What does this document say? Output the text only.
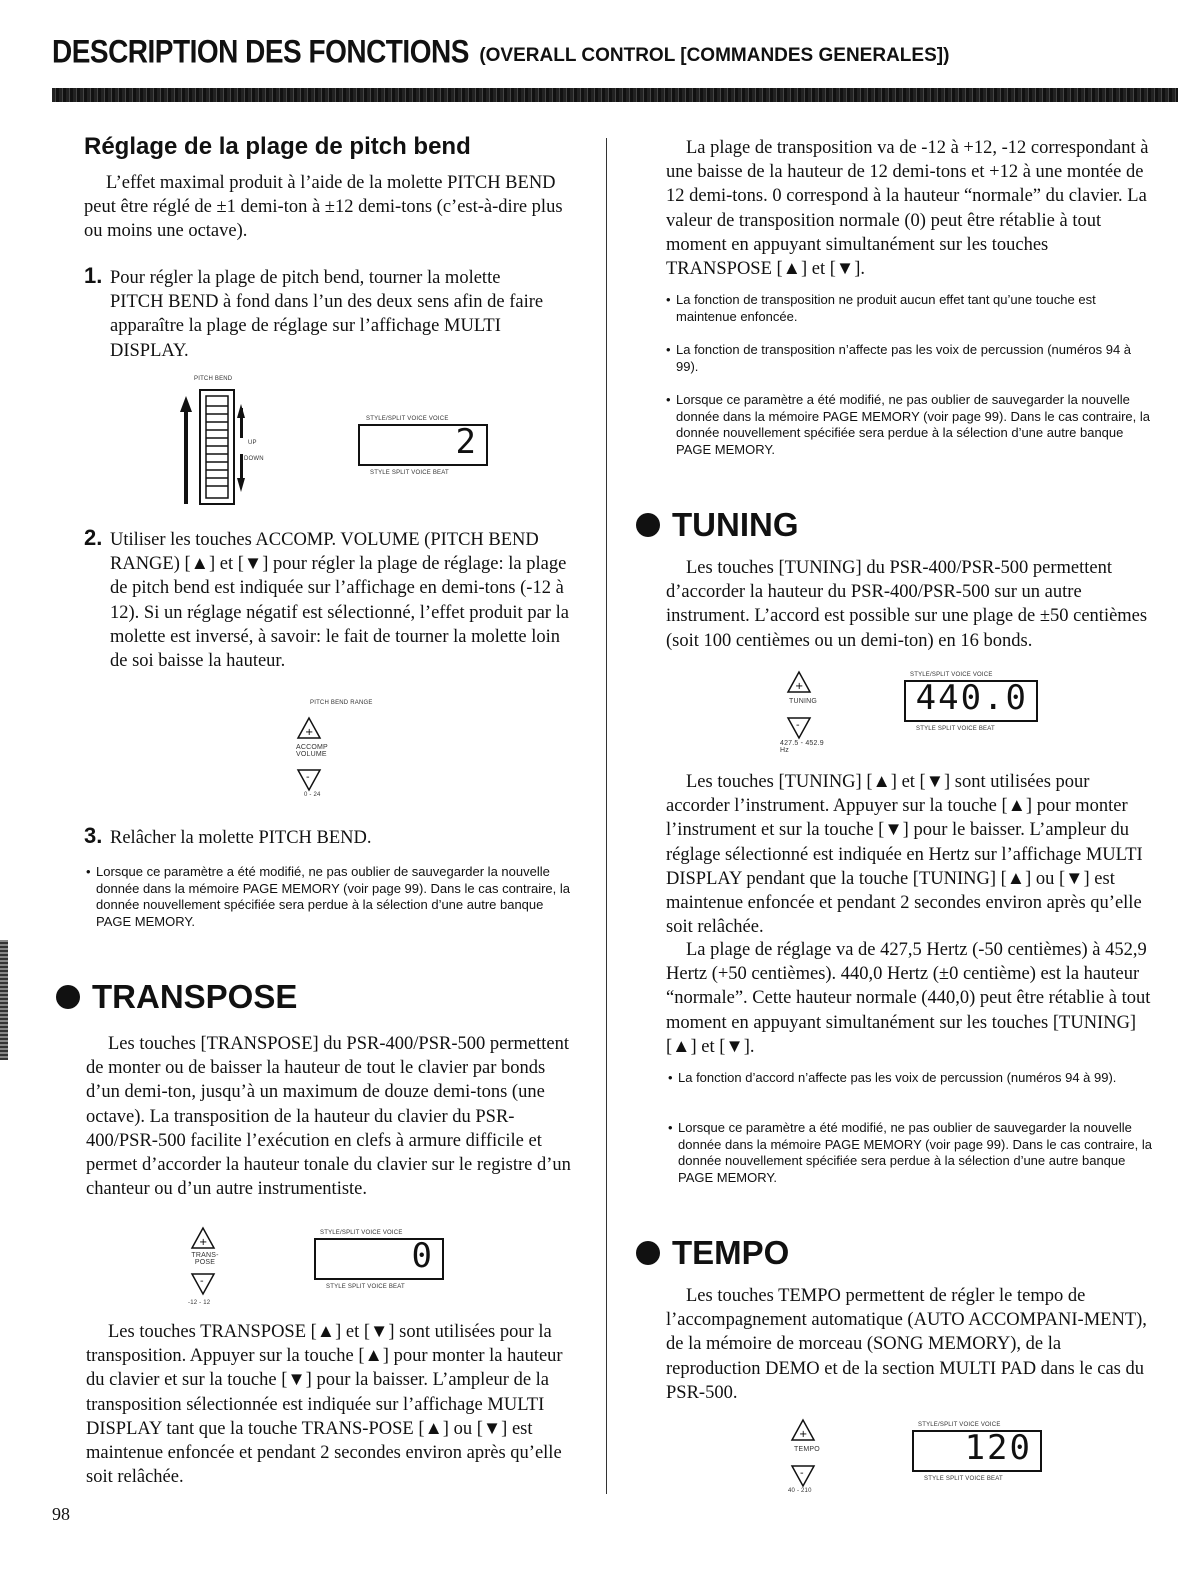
DESCRIPTION DES FONCTIONS (OVERALL CONTROL [COMMANDES GENERALES])
Réglage de la plage de pitch bend
L’effet maximal produit à l’aide de la molette PITCH BEND peut être réglé de ±1 demi-ton à ±12 demi-tons (c’est-à-dire plus ou moins une octave).
1. Pour régler la plage de pitch bend, tourner la molette PITCH BEND à fond dans l’un des deux sens afin de faire apparaître la plage de réglage sur l’affichage MULTI DISPLAY.
PITCH BEND
UP
DOWN
STYLE/SPLIT VOICE VOICE
2
STYLE SPLIT VOICE BEAT
2. Utiliser les touches ACCOMP. VOLUME (PITCH BEND RANGE) [▲] et [▼] pour régler la plage de réglage: la plage de pitch bend est indiquée sur l’affichage en demi-tons (-12 à 12). Si un réglage négatif est sélectionné, l’effet produit par la molette est inversé, à savoir: le fait de tourner la molette loin de soi baisse la hauteur.
PITCH BEND RANGE
+
-
ACCOMP VOLUME
0 - 24
3. Relâcher la molette PITCH BEND.
• Lorsque ce paramètre a été modifié, ne pas oublier de sauvegarder la nouvelle donnée dans la mémoire PAGE MEMORY (voir page 99). Dans le cas contraire, la donnée nouvellement spécifiée sera perdue à la sélection d’une autre banque PAGE MEMORY.
TRANSPOSE
Les touches [TRANSPOSE] du PSR-400/PSR-500 permettent de monter ou de baisser la hauteur de tout le clavier par bonds d’un demi-ton, jusqu’à un maximum de douze demi-tons (une octave). La transposition de la hauteur du clavier du PSR-400/PSR-500 facilite l’exécution en clefs à armure difficile et permet d’accorder la hauteur tonale du clavier sur le registre d’un chanteur ou d’un autre instrumentiste.
+
-
TRANS-POSE
-12 - 12
STYLE/SPLIT VOICE VOICE
0
STYLE SPLIT VOICE BEAT
Les touches TRANSPOSE [▲] et [▼] sont utilisées pour la transposition. Appuyer sur la touche [▲] pour monter la hauteur du clavier et sur la touche [▼] pour la baisser. L’ampleur de la transposition sélectionnée est indiquée sur l’affichage MULTI DISPLAY tant que la touche TRANS-POSE [▲] ou [▼] est maintenue enfoncée et pendant 2 secondes environ après qu’elle soit relâchée.
98
La plage de transposition va de -12 à +12, -12 correspondant à une baisse de la hauteur de 12 demi-tons et +12 à une montée de 12 demi-tons. 0 correspond à la hauteur “normale” du clavier. La valeur de transposition normale (0) peut être rétablie à tout moment en appuyant simultanément sur les touches TRANSPOSE [▲] et [▼].
• La fonction de transposition ne produit aucun effet tant qu’une touche est maintenue enfoncée.
• La fonction de transposition n’affecte pas les voix de percussion (numéros 94 à 99).
• Lorsque ce paramètre a été modifié, ne pas oublier de sauvegarder la nouvelle donnée dans la mémoire PAGE MEMORY (voir page 99). Dans le cas contraire, la donnée nouvellement spécifiée sera perdue à la sélection d’une autre banque PAGE MEMORY.
TUNING
Les touches [TUNING] du PSR-400/PSR-500 permettent d’accorder la hauteur du PSR-400/PSR-500 sur un autre instrument. L’accord est possible sur une plage de ±50 centièmes (soit 100 centièmes ou un demi-ton) en 16 bonds.
+
-
TUNING
427.5 - 452.9 Hz
STYLE/SPLIT VOICE VOICE
440.0
STYLE SPLIT VOICE BEAT
Les touches [TUNING] [▲] et [▼] sont utilisées pour accorder l’instrument. Appuyer sur la touche [▲] pour monter l’instrument et sur la touche [▼] pour le baisser. L’ampleur du réglage sélectionné est indiquée en Hertz sur l’affichage MULTI DISPLAY pendant que la touche [TUNING] [▲] ou [▼] est maintenue enfoncée et pendant 2 secondes environ après qu’elle soit relâchée.
La plage de réglage va de 427,5 Hertz (-50 centièmes) à 452,9 Hertz (+50 centièmes). 440,0 Hertz (±0 centième) est la hauteur “normale”. Cette hauteur normale (440,0) peut être rétablie à tout moment en appuyant simultanément sur les touches [TUNING] [▲] et [▼].
• La fonction d’accord n’affecte pas les voix de percussion (numéros 94 à 99).
• Lorsque ce paramètre a été modifié, ne pas oublier de sauvegarder la nouvelle donnée dans la mémoire PAGE MEMORY (voir page 99). Dans le cas contraire, la donnée nouvellement spécifiée sera perdue à la sélection d’une autre banque PAGE MEMORY.
TEMPO
Les touches TEMPO permettent de régler le tempo de l’accompagnement automatique (AUTO ACCOMPANI-MENT), de la mémoire de morceau (SONG MEMORY), de la reproduction DEMO et de la section MULTI PAD dans le cas du PSR-500.
+
-
TEMPO
40 - 210
STYLE/SPLIT VOICE VOICE
120
STYLE SPLIT VOICE BEAT
